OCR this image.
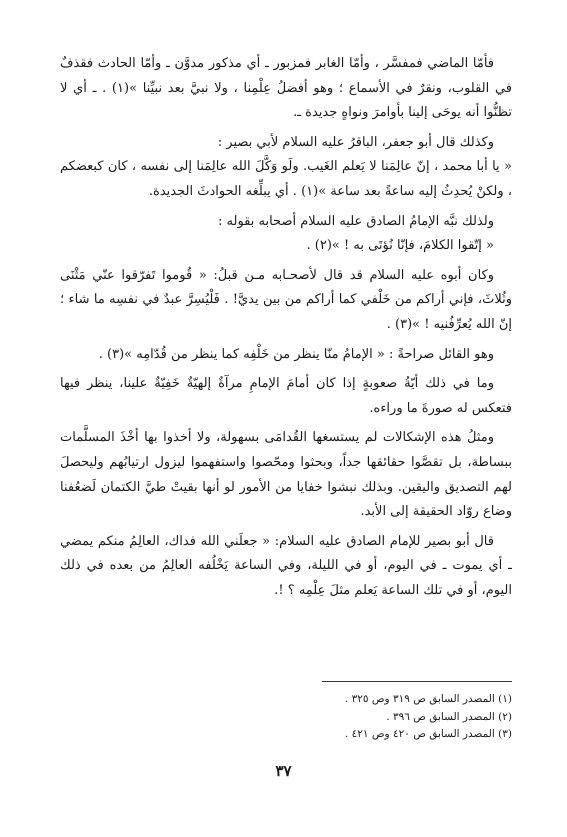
فأمّا الماضي فمفسَّر ، وأمّا الغابر فمزبور ـ أي مذكور مدوَّن ـ وأمّا الحادث فقذفٌ في القلوب، ونقرٌ في الأسماع ؛ وهو أفضلُ عِلْمِنا ، ولا نبيَّ بعد نبيِّنا »(١) . ـ أي لا تظنُّوا أنه يوحَى إلينا بأوامرَ ونواهٍ جديدة ـ.

وكذلك قال أبو جعفر، الباقرُ عليه السلام لأبي بصير :

« يا أبا محمد ، إنّ عالِمَنا لا يَعلم الغَيب. ولَو وَكَّلَ الله عالِمَنا إلى نفسه ، كان كبعضكم ، ولكنْ يُحدِثُ إليه ساعةً بعد ساعة »(١) . أي يبلِّغه الحوادثَ الجديدة.

ولذلك نبَّه الإمامُ الصادق عليه السلام أصحابه بقوله :

« إتّقوا الكلامَ، فإنّا نُؤتَى به ! »(٢) .

وكان أبوه عليه السلام قد قال لأصحـابه مـن قبلُ: « قُوموا تَفرّقوا عنّي مَثْنَى وثُلاثَ، فإني أراكم من خَلْفي كما أراكم من بين يديَّ! . فَلْيُسِرَّ عبدٌ في نفسِه ما شاء ؛ إنّ الله يُعرِّفُنيه ! »(٣) .

وهو القائل صراحةً : « الإمامُ منّا ينظر من خَلْفِه كما ينظر من قُدّامِه »(٣) .

وما في ذلك أيّةُ صعوبةٍ إذا كان أمامَ الإمامِ مرآةٌ إلهيّةٌ خَفِيّةٌ علينا، ينظر فيها فتعكس له صورةَ ما وراءه.

ومثلُ هذه الإشكالات لم يستسغها القُدامَى بسهولة، ولا أخذوا بها أخْذَ المسلَّمات ببساطة، بل تقصَّوا حقائقها جداً، وبحثوا ومحّصوا واستفهموا ليزول ارتيابُهم وليحصلَ لهم التصديق واليقين. وبذلك نبشوا خفايا من الأمور لو أنها بقيتْ طيَّ الكتمان لَضعُفنا وضاع روّاد الحقيقة إلى الأبد.

قال أبو بصير للإمام الصادق عليه السلام: « جعلَني الله فداك، العالِمُ منكم يمضي ـ أي يموت ـ في اليوم، أو في الليلة، وفي الساعة يَخْلُفه العالِمُ من بعده في ذلك اليوم، أو في تلك الساعة يَعلم مثلَ عِلْمِه ؟ !.

(١) المصدر السابق ص ٣١٩ وص ٣٢٥ .
(٢) المصدر السابق ص ٣٩٦ .
(٣) المصدر السابق ص ٤٢٠ وص ٤٢١ .
٣٧
